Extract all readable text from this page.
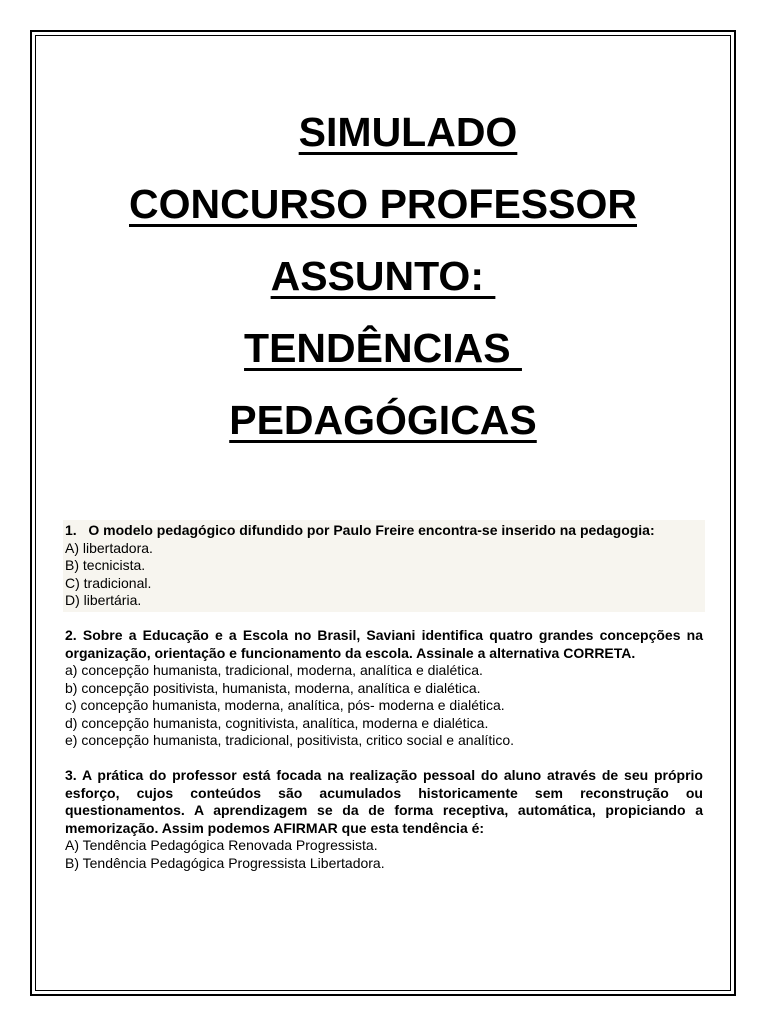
SIMULADO
CONCURSO PROFESSOR
ASSUNTO:
TENDÊNCIAS
PEDAGÓGICAS
1. O modelo pedagógico difundido por Paulo Freire encontra-se inserido na pedagogia:
A) libertadora.
B) tecnicista.
C) tradicional.
D) libertária.
2. Sobre a Educação e a Escola no Brasil, Saviani identifica quatro grandes concepções na organização, orientação e funcionamento da escola. Assinale a alternativa CORRETA.
a) concepção humanista, tradicional, moderna, analítica e dialética.
b) concepção positivista, humanista, moderna, analítica e dialética.
c) concepção humanista, moderna, analítica, pós- moderna e dialética.
d) concepção humanista, cognitivista, analítica, moderna e dialética.
e) concepção humanista, tradicional, positivista, critico social e analítico.
3. A prática do professor está focada na realização pessoal do aluno através de seu próprio esforço, cujos conteúdos são acumulados historicamente sem reconstrução ou questionamentos. A aprendizagem se da de forma receptiva, automática, propiciando a memorização. Assim podemos AFIRMAR que esta tendência é:
A) Tendência Pedagógica Renovada Progressista.
B) Tendência Pedagógica Progressista Libertadora.
